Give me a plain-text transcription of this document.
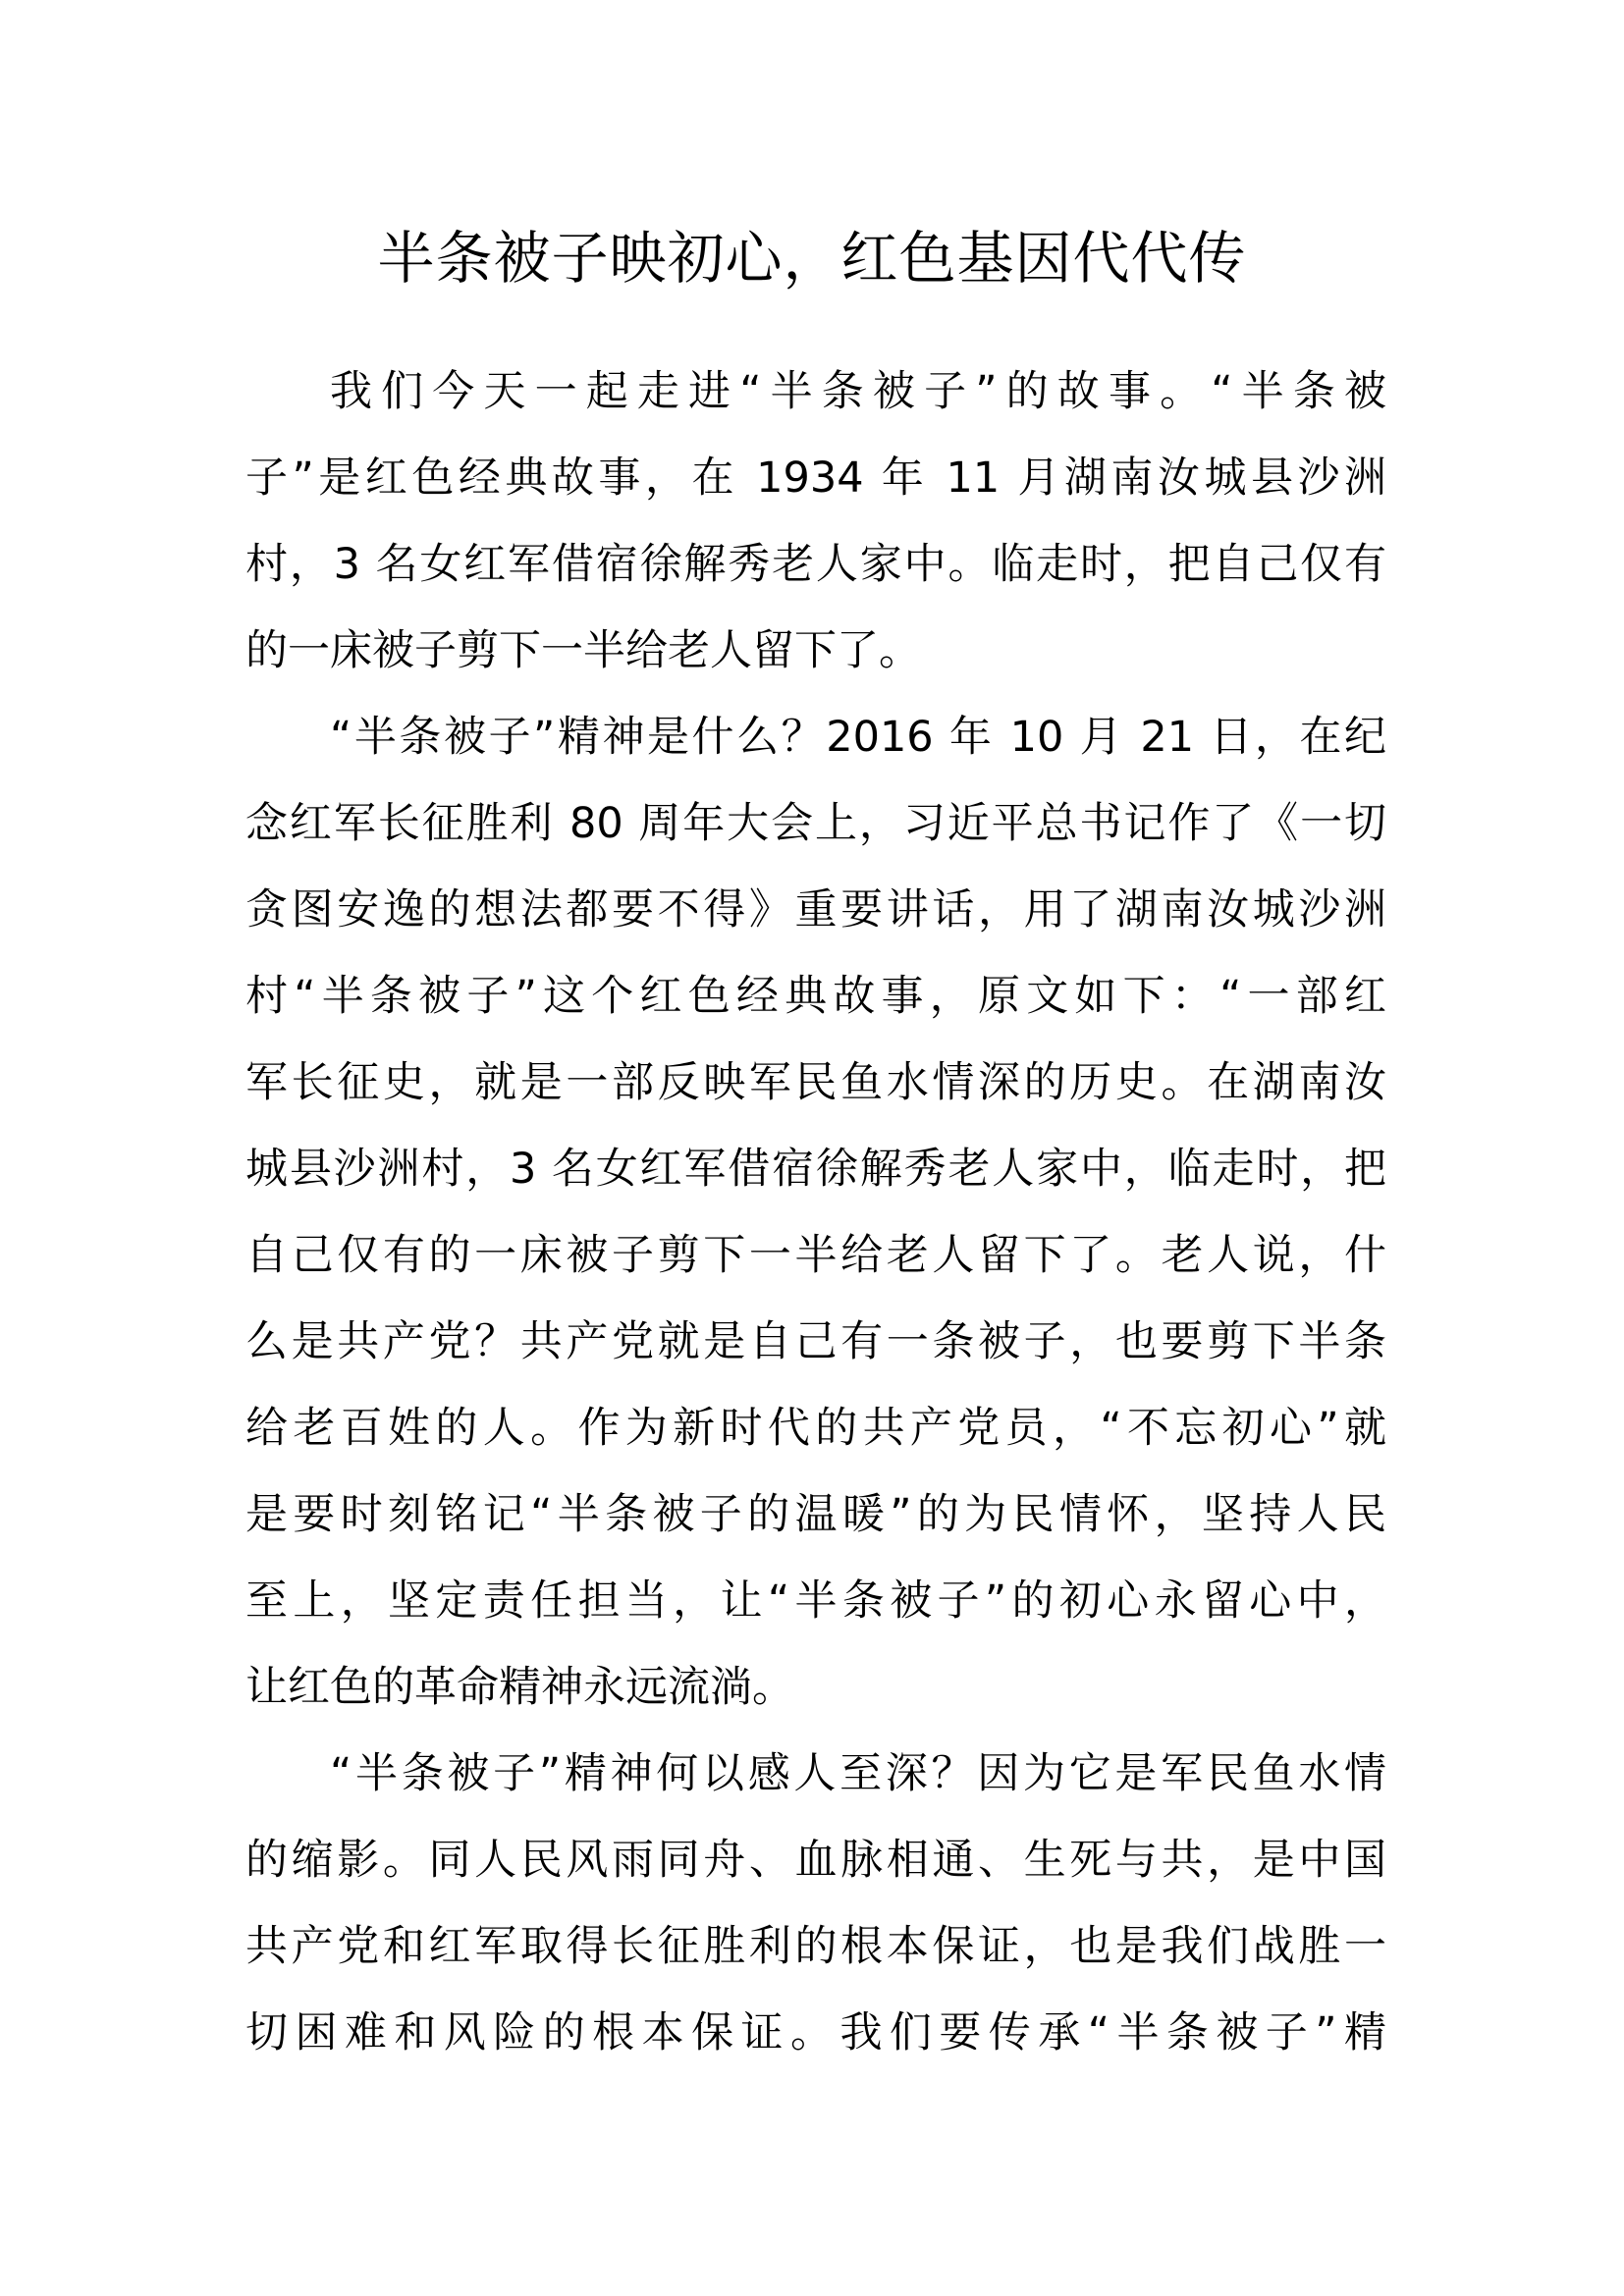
半条被子映初心，红色基因代代传
我们今天一起走进“半条被子”的故事。“半条被
子”是红色经典故事，在 1934 年 11 月湖南汝城县沙洲
村，3 名女红军借宿徐解秀老人家中。临走时，把自己仅有
的一床被子剪下一半给老人留下了。
“半条被子”精神是什么？2016 年 10 月 21 日，在纪
念红军长征胜利 80 周年大会上，习近平总书记作了《一切
贪图安逸的想法都要不得》重要讲话，用了湖南汝城沙洲
村“半条被子”这个红色经典故事，原文如下：“一部红
军长征史，就是一部反映军民鱼水情深的历史。在湖南汝
城县沙洲村，3 名女红军借宿徐解秀老人家中，临走时，把
自己仅有的一床被子剪下一半给老人留下了。老人说，什
么是共产党？共产党就是自己有一条被子，也要剪下半条
给老百姓的人。作为新时代的共产党员，“不忘初心”就
是要时刻铭记“半条被子的温暖”的为民情怀，坚持人民
至上，坚定责任担当，让“半条被子”的初心永留心中，
让红色的革命精神永远流淌。
“半条被子”精神何以感人至深？因为它是军民鱼水情
的缩影。同人民风雨同舟、血脉相通、生死与共，是中国
共产党和红军取得长征胜利的根本保证，也是我们战胜一
切困难和风险的根本保证。我们要传承“半条被子”精
